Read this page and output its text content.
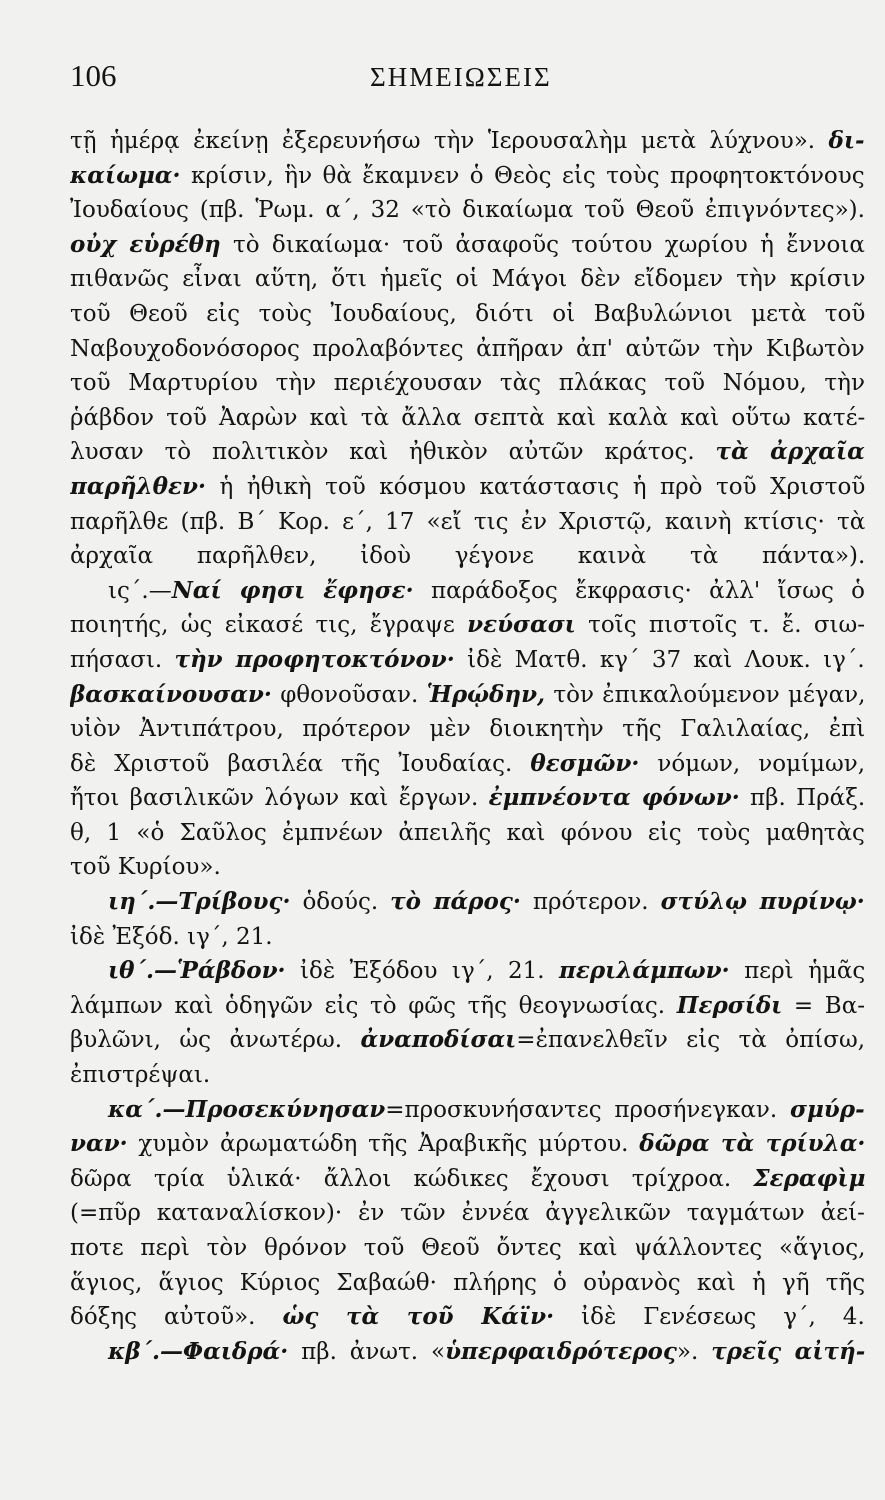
106	ΣΗΜΕΙΩΣΕΙΣ
τῇ ἡμέρᾳ ἐκείνῃ ἐξερευνήσω τὴν Ἱερουσαλὴμ μετὰ λύχνου». δι-
καίωμα· κρίσιν, ἣν θὰ ἔκαμνεν ὁ Θεὸς εἰς τοὺς προφητοκτόνους
Ἰουδαίους (πβ. Ῥωμ. α΄, 32 «τὸ δικαίωμα τοῦ Θεοῦ ἐπιγνόντες»).
οὐχ εὑρέθη τὸ δικαίωμα· τοῦ ἀσαφοῦς τούτου χωρίου ἡ ἔννοια
πιθανῶς εἶναι αὕτη, ὅτι ἡμεῖς οἱ Μάγοι δὲν εἴδομεν τὴν κρίσιν
τοῦ Θεοῦ εἰς τοὺς Ἰουδαίους, διότι οἱ Βαβυλώνιοι μετὰ τοῦ
Ναβουχοδονόσορος προλαβόντες ἀπῆραν ἀπ' αὐτῶν τὴν Κιβωτὸν
τοῦ Μαρτυρίου τὴν περιέχουσαν τὰς πλάκας τοῦ Νόμου, τὴν
ῥάβδον τοῦ Ἀαρὼν καὶ τὰ ἄλλα σεπτὰ καὶ καλὰ καὶ οὕτω κατέ-
λυσαν τὸ πολιτικὸν καὶ ἠθικὸν αὐτῶν κράτος. τὰ ἀρχαῖα
παρῆλθεν· ἡ ἠθικὴ τοῦ κόσμου κατάστασις ἡ πρὸ τοῦ Χριστοῦ
παρῆλθε (πβ. Β΄ Κορ. ε΄, 17 «εἴ τις ἐν Χριστῷ, καινὴ κτίσις· τὰ
ἀρχαῖα παρῆλθεν, ἰδοὺ γέγονε καινὰ τὰ πάντα»).
ις΄.—Ναί φησι ἔφησε· παράδοξος ἔκφρασις· ἀλλ' ἴσως ὁ
ποιητής, ὡς εἰκασέ τις, ἔγραψε νεύσασι τοῖς πιστοῖς τ. ἔ. σιω-
πήσασι. τὴν προφητοκτόνον· ἰδὲ Ματθ. κγ΄ 37 καὶ Λουκ. ιγ΄.
βασκαίνουσαν· φθονοῦσαν. Ἡρῴδην, τὸν ἐπικαλούμενον μέγαν,
υἱὸν Ἀντιπάτρου, πρότερον μὲν διοικητὴν τῆς Γαλιλαίας, ἐπὶ
δὲ Χριστοῦ βασιλέα τῆς Ἰουδαίας. θεσμῶν· νόμων, νομίμων,
ἤτοι βασιλικῶν λόγων καὶ ἔργων. ἐμπνέοντα φόνων· πβ. Πράξ.
θ, 1 «ὁ Σαῦλος ἐμπνέων ἀπειλῆς καὶ φόνου εἰς τοὺς μαθητὰς
τοῦ Κυρίου».
ιη΄.—Τρίβους· ὁδούς. τὸ πάρος· πρότερον. στύλῳ πυρίνῳ·
ἰδὲ Ἐξόδ. ιγ΄, 21.
ιθ΄.—Ῥάβδον· ἰδὲ Ἐξόδου ιγ΄, 21. περιλάμπων· περὶ ἡμᾶς
λάμπων καὶ ὁδηγῶν εἰς τὸ φῶς τῆς θεογνωσίας. Περσίδι = Βα-
βυλῶνι, ὡς ἀνωτέρω. ἀναποδίσαι=ἐπανελθεῖν εἰς τὰ ὀπίσω,
ἐπιστρέψαι.
κα΄.—Προσεκύνησαν=προσκυνήσαντες προσήνεγκαν. σμύρ-
ναν· χυμὸν ἀρωματώδη τῆς Ἀραβικῆς μύρτου. δῶρα τὰ τρίυλα·
δῶρα τρία ὑλικά· ἄλλοι κώδικες ἔχουσι τρίχροα. Σεραφὶμ
(=πῦρ καταναλίσκον)· ἐν τῶν ἐννέα ἀγγελικῶν ταγμάτων ἀεί-
ποτε περὶ τὸν θρόνον τοῦ Θεοῦ ὄντες καὶ ψάλλοντες «ἅγιος,
ἅγιος, ἅγιος Κύριος Σαβαώθ· πλήρης ὁ οὐρανὸς καὶ ἡ γῆ τῆς
δόξης αὐτοῦ». ὡς τὰ τοῦ Κάϊν· ἰδὲ Γενέσεως γ΄, 4.
κβ΄.—Φαιδρά· πβ. ἀνωτ. «ὑπερφαιδρότερος». τρεῖς αἰτή-
